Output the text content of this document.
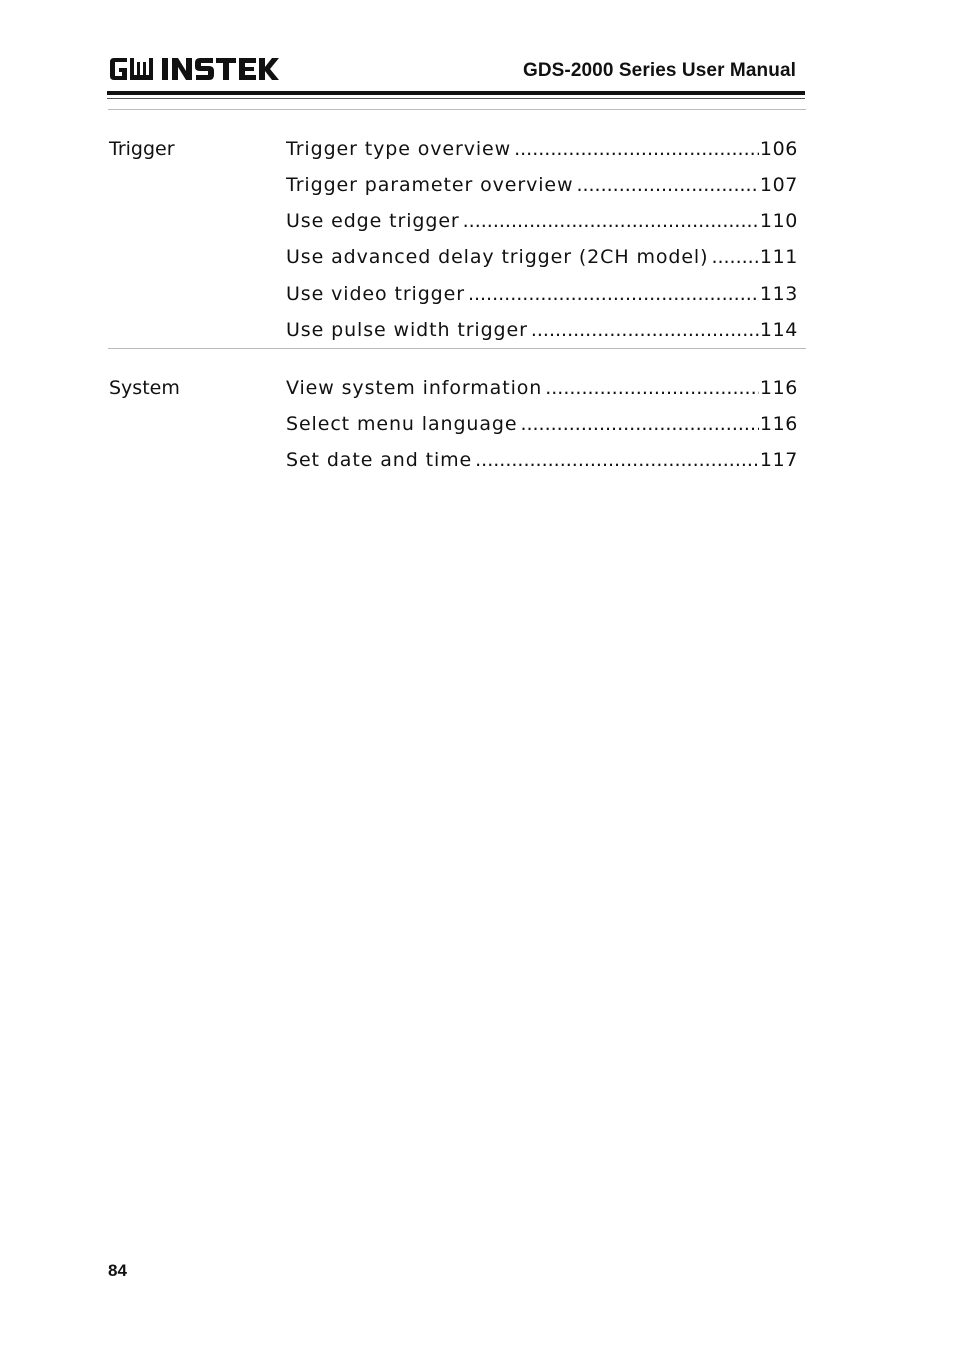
GW INSTEK
GDS-2000 Series User Manual
Trigger	Trigger type overview .....	106
Trigger parameter overview .....	107
Use edge trigger .....	110
Use advanced delay trigger (2CH model) .....	111
Use video trigger .....	113
Use pulse width trigger .....	114
System	View system information .....	116
Select menu language .....	116
Set date and time .....	117
84
